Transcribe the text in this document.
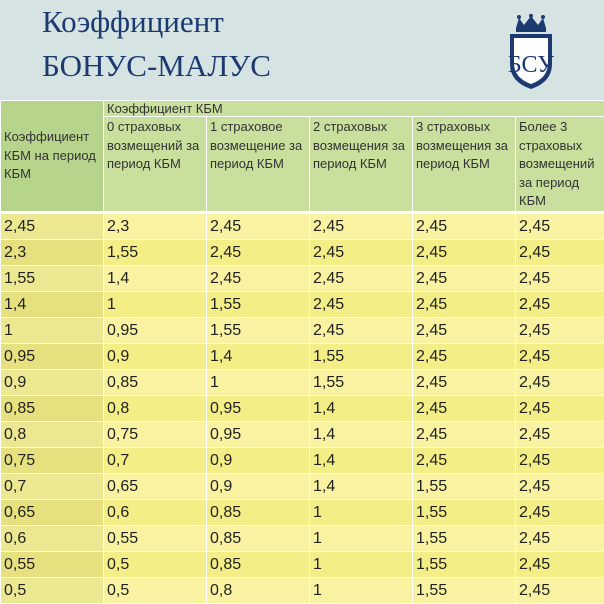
Коэффициент
БОНУС-МАЛУС	БСУ
Коэффициент КБМ на период КБМ	Коэффициент КБМ				

	0 страховых возмещений за период КБМ	1 страховое возмещение за период КБМ	2 страховых возмещения за период КБМ	3 страховых возмещения за период КБМ	Более 3 страховых возмещений за период КБМ

2,45	2,3	2,45	2,45	2,45	2,45
2,3	1,55	2,45	2,45	2,45	2,45
1,55	1,4	2,45	2,45	2,45	2,45
1,4	1	1,55	2,45	2,45	2,45
1	0,95	1,55	2,45	2,45	2,45
0,95	0,9	1,4	1,55	2,45	2,45
0,9	0,85	1	1,55	2,45	2,45
0,85	0,8	0,95	1,4	2,45	2,45
0,8	0,75	0,95	1,4	2,45	2,45
0,75	0,7	0,9	1,4	2,45	2,45
0,7	0,65	0,9	1,4	1,55	2,45
0,65	0,6	0,85	1	1,55	2,45
0,6	0,55	0,85	1	1,55	2,45
0,55	0,5	0,85	1	1,55	2,45
0,5	0,5	0,8	1	1,55	2,45
